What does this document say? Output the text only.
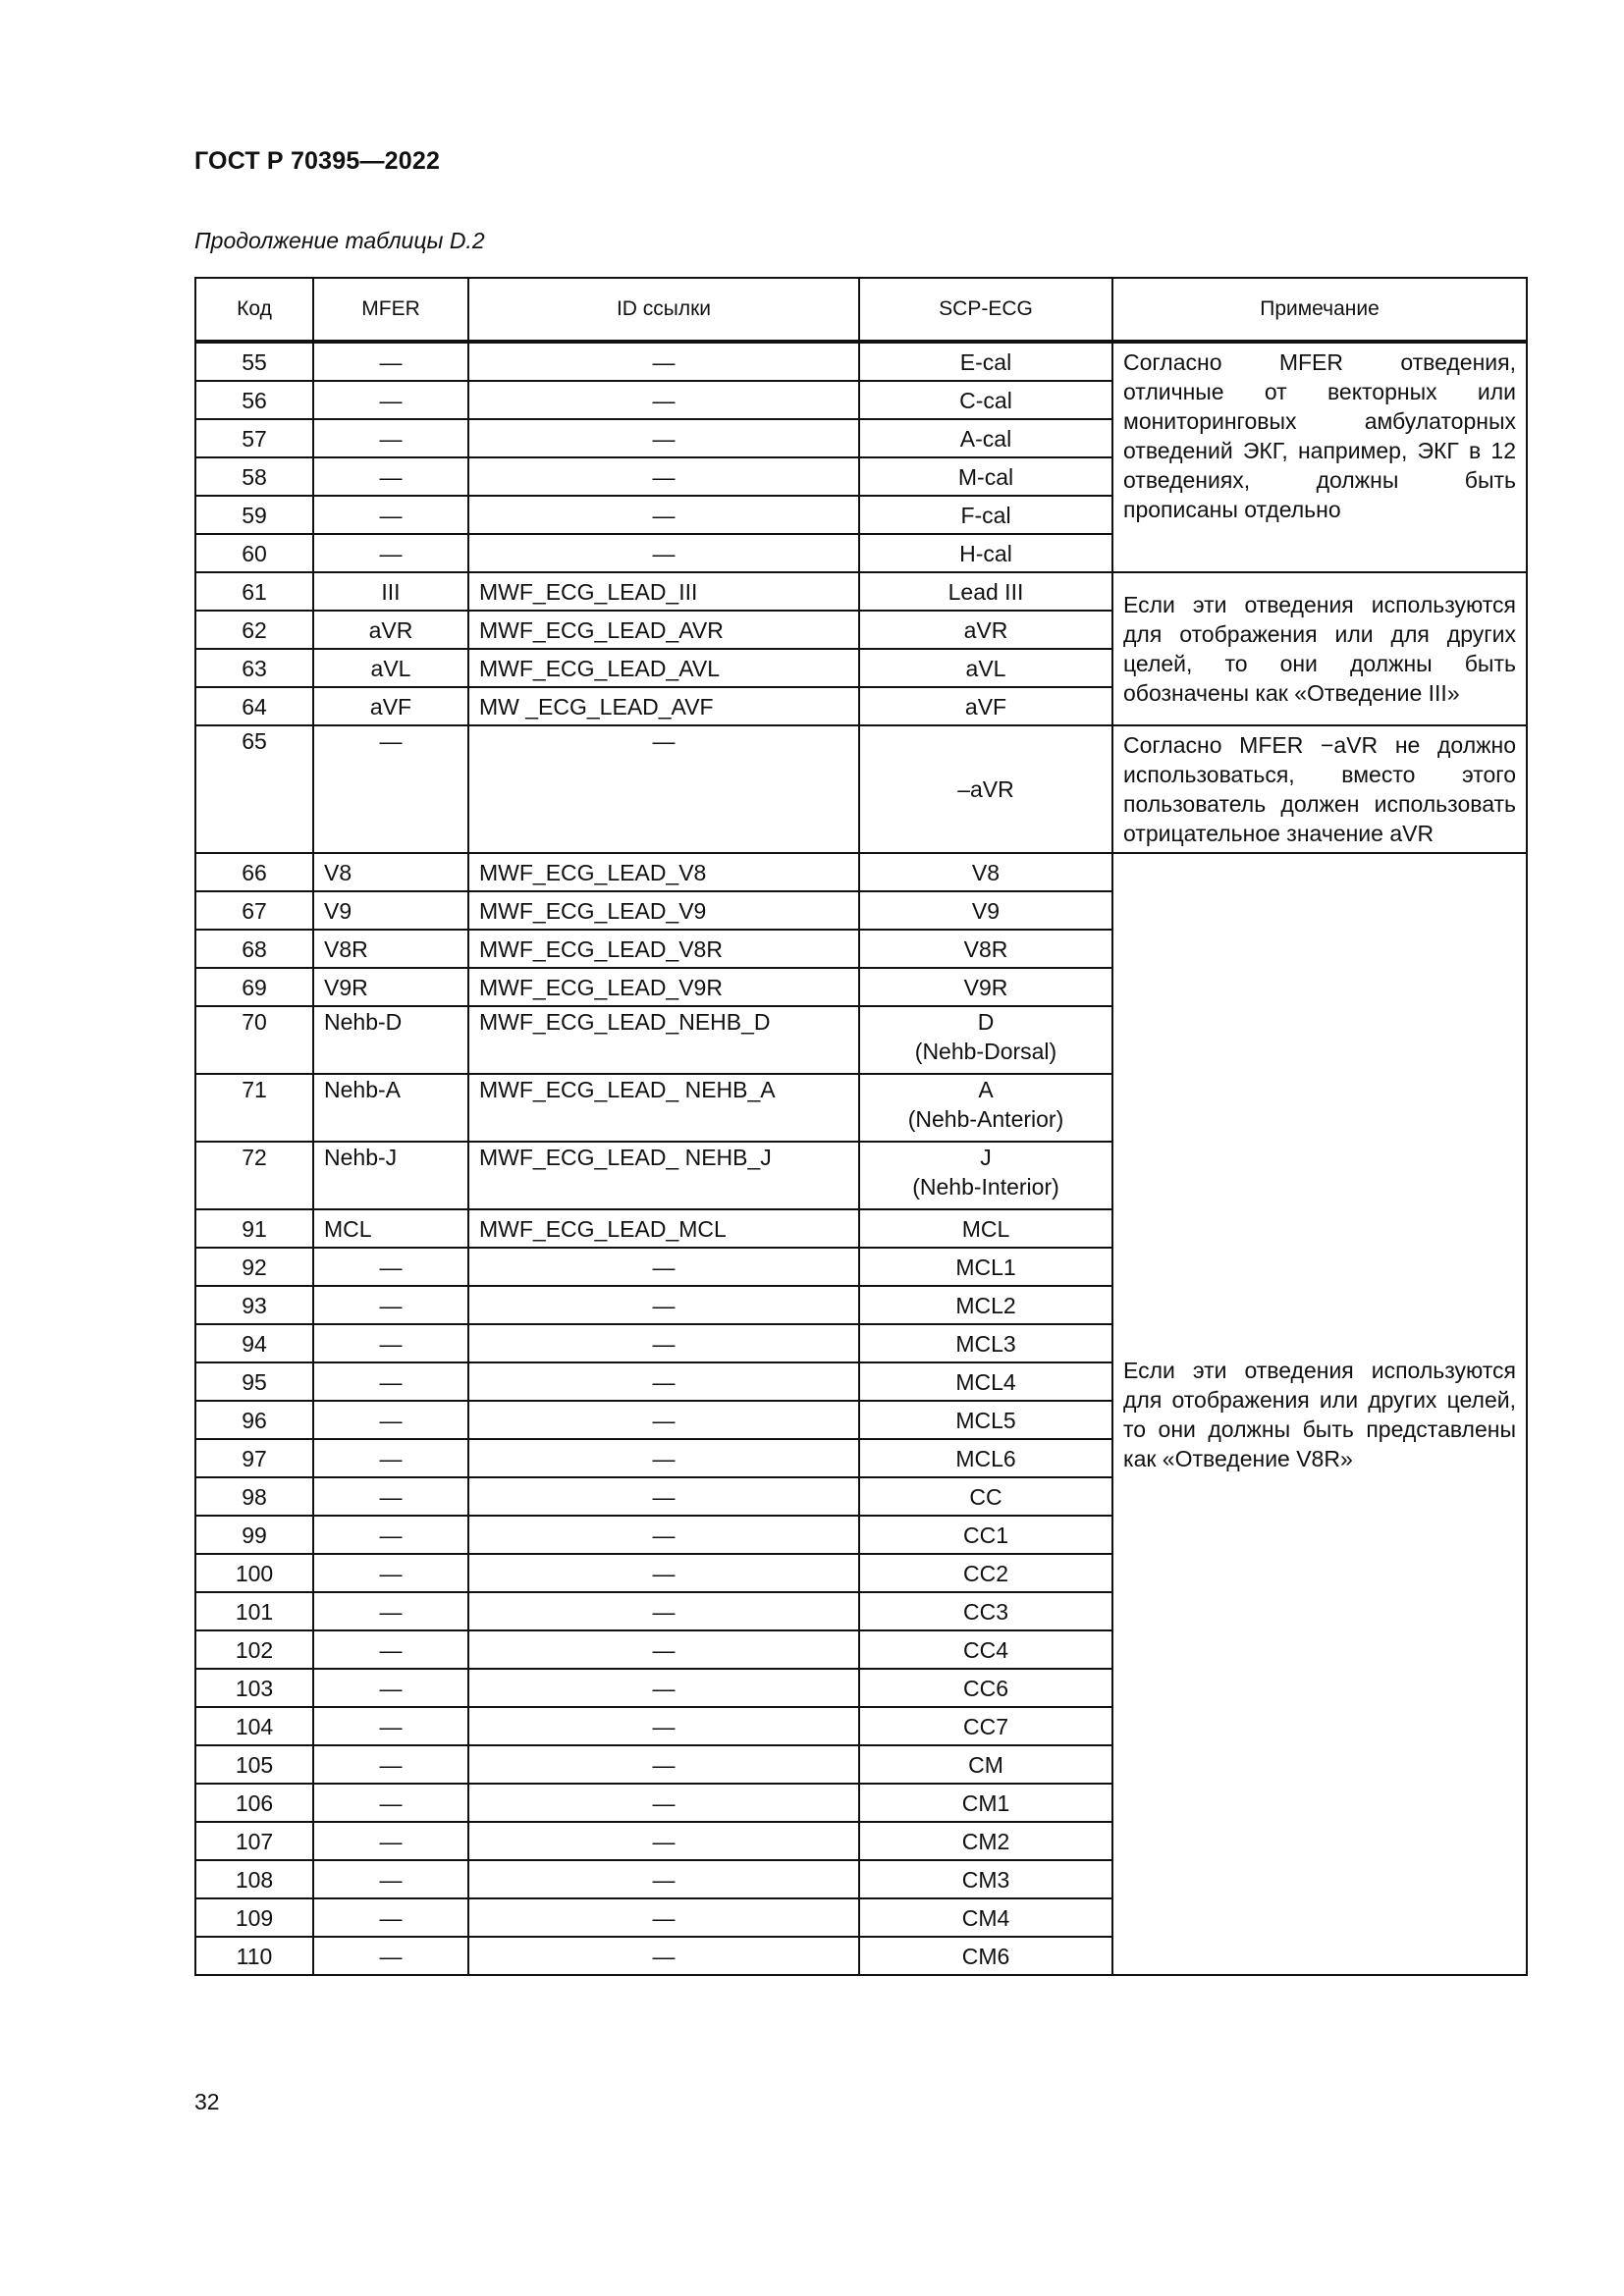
ГОСТ Р 70395—2022
Продолжение таблицы D.2
Код	MFER	ID ссылки	SCP-ECG	Примечание
55	—	—	E-cal	Согласно MFER отведения, отличные от векторных или мониторинговых амбулаторных отведений ЭКГ, например, ЭКГ в 12 отведениях, должны быть прописаны отдельно
56	—	—	C-cal	
57	—	—	A-cal	
58	—	—	M-cal	
59	—	—	F-cal	
60	—	—	H-cal	
61	III	MWF_ECG_LEAD_III	Lead III	Если эти отведения используются для отображения или для других целей, то они должны быть обозначены как «Отведение III»
62	aVR	MWF_ECG_LEAD_AVR	aVR	
63	aVL	MWF_ECG_LEAD_AVL	aVL	
64	aVF	MW _ECG_LEAD_AVF	aVF	
65	—	—	–aVR	Согласно MFER −aVR не должно использоваться, вместо этого пользователь должен использовать отрицательное значение aVR
66	V8	MWF_ECG_LEAD_V8	V8	Если эти отведения используются для отображения или других целей, то они должны быть представлены как «Отведение V8R»
67	V9	MWF_ECG_LEAD_V9	V9	
68	V8R	MWF_ECG_LEAD_V8R	V8R	
69	V9R	MWF_ECG_LEAD_V9R	V9R	
70	Nehb-D	MWF_ECG_LEAD_NEHB_D	D
(Nehb-Dorsal)	

71	Nehb-A	MWF_ECG_LEAD_ NEHB_A	A
(Nehb-Anterior)	

72	Nehb-J	MWF_ECG_LEAD_ NEHB_J	J
(Nehb-Interior)	

91	MCL	MWF_ECG_LEAD_MCL	MCL	
92	—	—	MCL1	
93	—	—	MCL2	
94	—	—	MCL3	
95	—	—	MCL4	
96	—	—	MCL5	
97	—	—	MCL6	
98	—	—	CC	
99	—	—	CC1	
100	—	—	CC2	
101	—	—	CC3	
102	—	—	CC4	
103	—	—	CC6	
104	—	—	CC7	
105	—	—	CM	
106	—	—	CM1	
107	—	—	CM2	
108	—	—	CM3	
109	—	—	CM4	
110	—	—	CM6	
32
